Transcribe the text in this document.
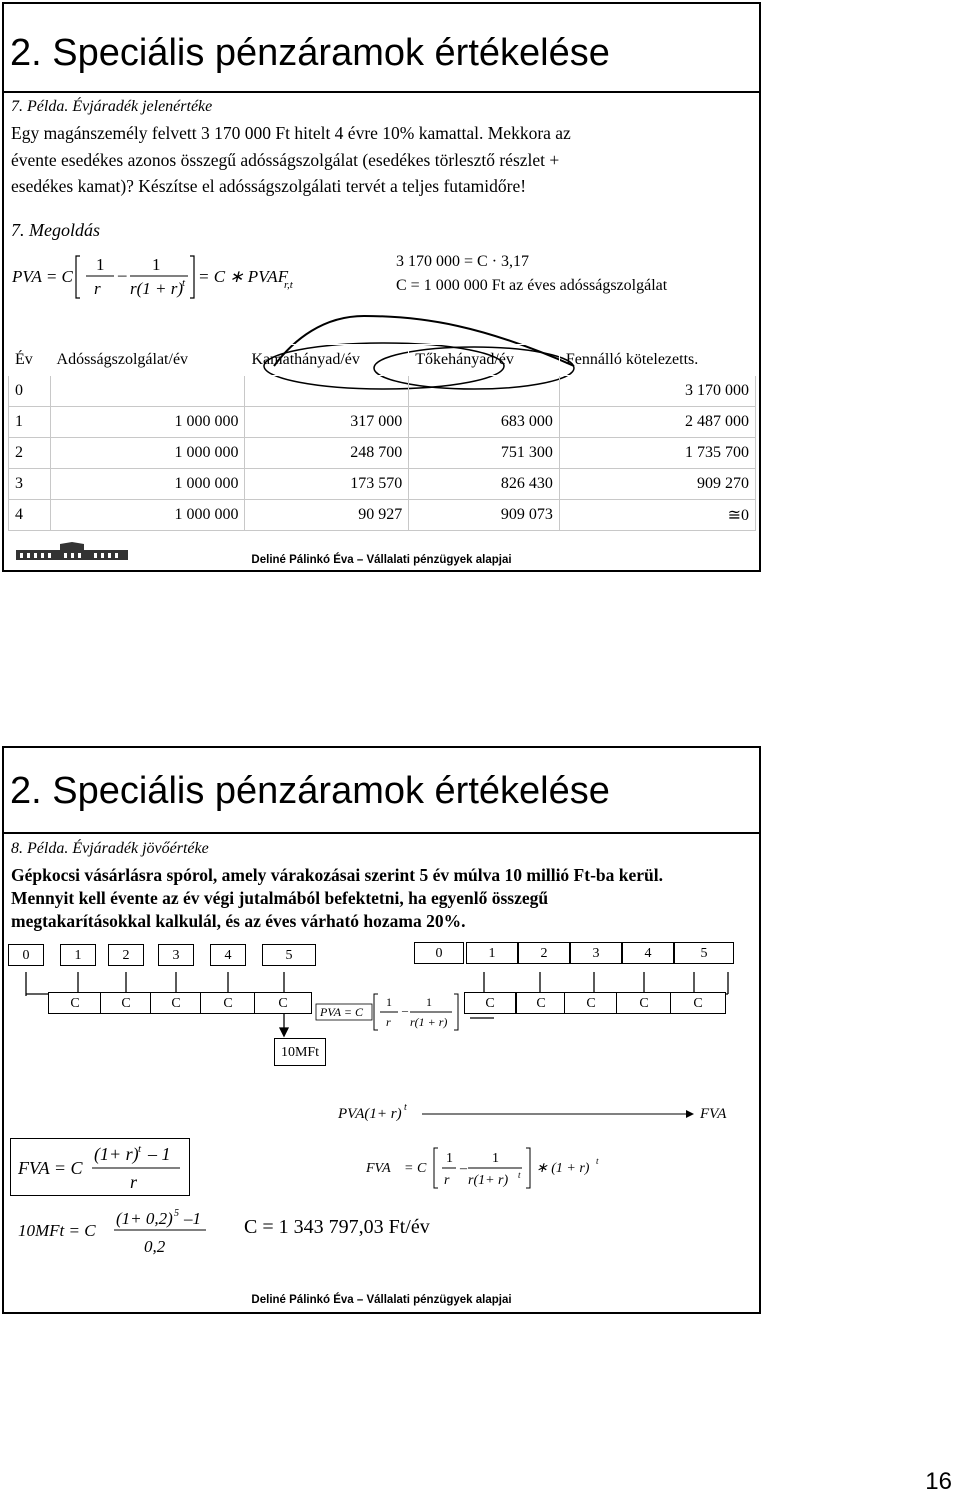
2. Speciális pénzáramok értékelése
7. Példa. Évjáradék jelenértéke
Egy magánszemély felvett 3 170 000 Ft hitelt 4 évre 10% kamattal. Mekkora az
évente esedékes azonos összegű adósságszolgálat (esedékes törlesztő részlet +
esedékes kamat)? Készítse el adósságszolgálati tervét a teljes futamidőre!
7. Megoldás
PVA = C
1
r
–
1
r(1 + r)
t = C ∗ PVAF
r,t
3 170 000 = C · 3,17
C = 1 000 000 Ft az éves adósságszolgálat
Év	Adósságszolgálat/év	Kamathányad/év	Tőkehányad/év	Fennálló kötelezetts.
0				3 170 000
1	1 000 000	317 000	683 000	2 487 000
2	1 000 000	248 700	751 300	1 735 700
3	1 000 000	173 570	826 430	909 270
4	1 000 000	90 927	909 073	≅0
Deliné Pálinkó Éva – Vállalati pénzügyek alapjai
2. Speciális pénzáramok értékelése
8. Példa. Évjáradék jövőértéke
Gépkocsi vásárlásra spórol, amely várakozásai szerint 5 év múlva 10 millió Ft-ba kerül.
Mennyit kell évente az év végi jutalmából befektetni, ha egyenlő összegű
megtakarításokkal kalkulál, és az éves várható hozama 20%.
0	1	2	3	4	5	0	1	2	3	4	5
C	C	C	C	C	C	C	C	C	C
PVA = C
1
r
–
1
r(1 + r)
10MFt
PVA(1+ r) t	FVA
FVA = C
(1+ r) t – 1
r
FVA = C
1
r
–
1
r(1+ r) t ∗ (1 + r) t
10MFt = C
(1+ 0,2) 5 –1
0,2
C = 1 343 797,03 Ft/év
Deliné Pálinkó Éva – Vállalati pénzügyek alapjai
16
